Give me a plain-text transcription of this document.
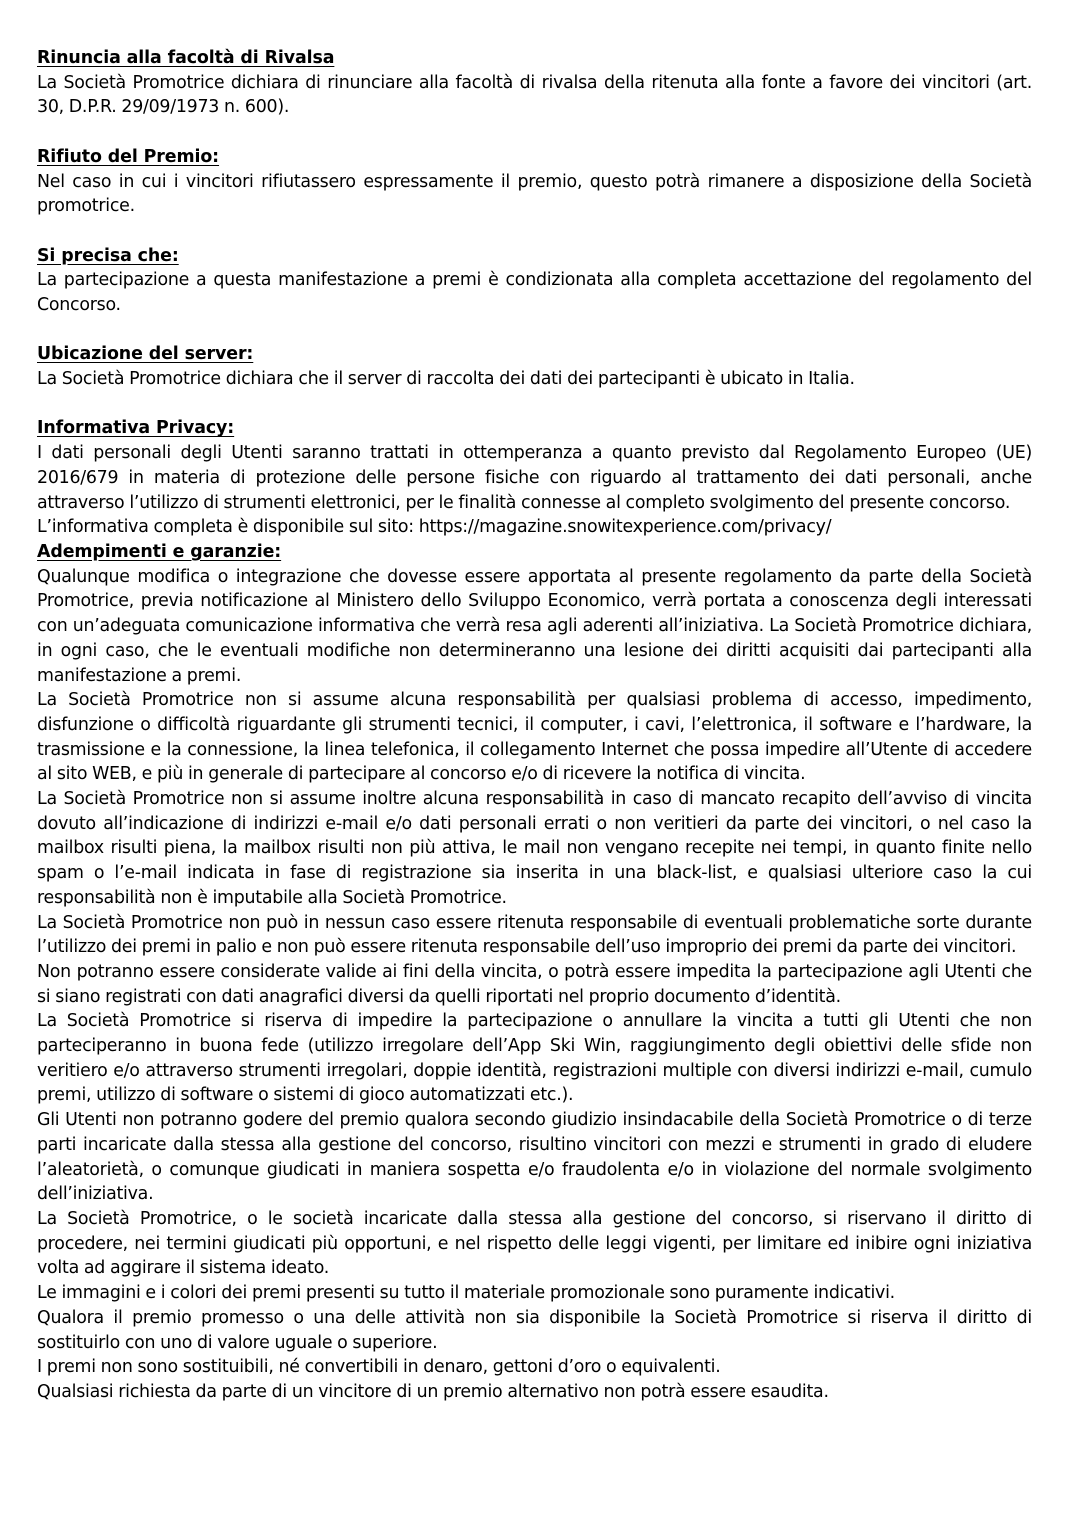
Rinuncia alla facoltà di Rivalsa

La Società Promotrice dichiara di rinunciare alla facoltà di rivalsa della ritenuta alla fonte a favore dei vincitori (art. 30, D.P.R. 29/09/1973 n. 600).

Rifiuto del Premio:

Nel caso in cui i vincitori rifiutassero espressamente il premio, questo potrà rimanere a disposizione della Società promotrice.

Si precisa che:

La partecipazione a questa manifestazione a premi è condizionata alla completa accettazione del regolamento del Concorso.

Ubicazione del server:

La Società Promotrice dichiara che il server di raccolta dei dati dei partecipanti è ubicato in Italia.

Informativa Privacy:

I dati personali degli Utenti saranno trattati in ottemperanza a quanto previsto dal Regolamento Europeo (UE) 2016/679 in materia di protezione delle persone fisiche con riguardo al trattamento dei dati personali, anche attraverso l’utilizzo di strumenti elettronici, per le finalità connesse al completo svolgimento del presente concorso.

L’informativa completa è disponibile sul sito: https://magazine.snowitexperience.com/privacy/

Adempimenti e garanzie:

Qualunque modifica o integrazione che dovesse essere apportata al presente regolamento da parte della Società Promotrice, previa notificazione al Ministero dello Sviluppo Economico, verrà portata a conoscenza degli interessati con un’adeguata comunicazione informativa che verrà resa agli aderenti all’iniziativa. La Società Promotrice dichiara, in ogni caso, che le eventuali modifiche non determineranno una lesione dei diritti acquisiti dai partecipanti alla manifestazione a premi.

La Società Promotrice non si assume alcuna responsabilità per qualsiasi problema di accesso, impedimento, disfunzione o difficoltà riguardante gli strumenti tecnici, il computer, i cavi, l’elettronica, il software e l’hardware, la trasmissione e la connessione, la linea telefonica, il collegamento Internet che possa impedire all’Utente di accedere al sito WEB, e più in generale di partecipare al concorso e/o di ricevere la notifica di vincita.

La Società Promotrice non si assume inoltre alcuna responsabilità in caso di mancato recapito dell’avviso di vincita dovuto all’indicazione di indirizzi e-mail e/o dati personali errati o non veritieri da parte dei vincitori, o nel caso la mailbox risulti piena, la mailbox risulti non più attiva, le mail non vengano recepite nei tempi, in quanto finite nello spam o l’e-mail indicata in fase di registrazione sia inserita in una black-list, e qualsiasi ulteriore caso la cui responsabilità non è imputabile alla Società Promotrice.

La Società Promotrice non può in nessun caso essere ritenuta responsabile di eventuali problematiche sorte durante l’utilizzo dei premi in palio e non può essere ritenuta responsabile dell’uso improprio dei premi da parte dei vincitori.

Non potranno essere considerate valide ai fini della vincita, o potrà essere impedita la partecipazione agli Utenti che si siano registrati con dati anagrafici diversi da quelli riportati nel proprio documento d’identità.

La Società Promotrice si riserva di impedire la partecipazione o annullare la vincita a tutti gli Utenti che non parteciperanno in buona fede (utilizzo irregolare dell’App Ski Win, raggiungimento degli obiettivi delle sfide non veritiero e/o attraverso strumenti irregolari, doppie identità, registrazioni multiple con diversi indirizzi e-mail, cumulo premi, utilizzo di software o sistemi di gioco automatizzati etc.).

Gli Utenti non potranno godere del premio qualora secondo giudizio insindacabile della Società Promotrice o di terze parti incaricate dalla stessa alla gestione del concorso, risultino vincitori con mezzi e strumenti in grado di eludere l’aleatorietà, o comunque giudicati in maniera sospetta e/o fraudolenta e/o in violazione del normale svolgimento dell’iniziativa.

La Società Promotrice, o le società incaricate dalla stessa alla gestione del concorso, si riservano il diritto di procedere, nei termini giudicati più opportuni, e nel rispetto delle leggi vigenti, per limitare ed inibire ogni iniziativa volta ad aggirare il sistema ideato.

Le immagini e i colori dei premi presenti su tutto il materiale promozionale sono puramente indicativi.

Qualora il premio promesso o una delle attività non sia disponibile la Società Promotrice si riserva il diritto di sostituirlo con uno di valore uguale o superiore.

I premi non sono sostituibili, né convertibili in denaro, gettoni d’oro o equivalenti.

Qualsiasi richiesta da parte di un vincitore di un premio alternativo non potrà essere esaudita.
